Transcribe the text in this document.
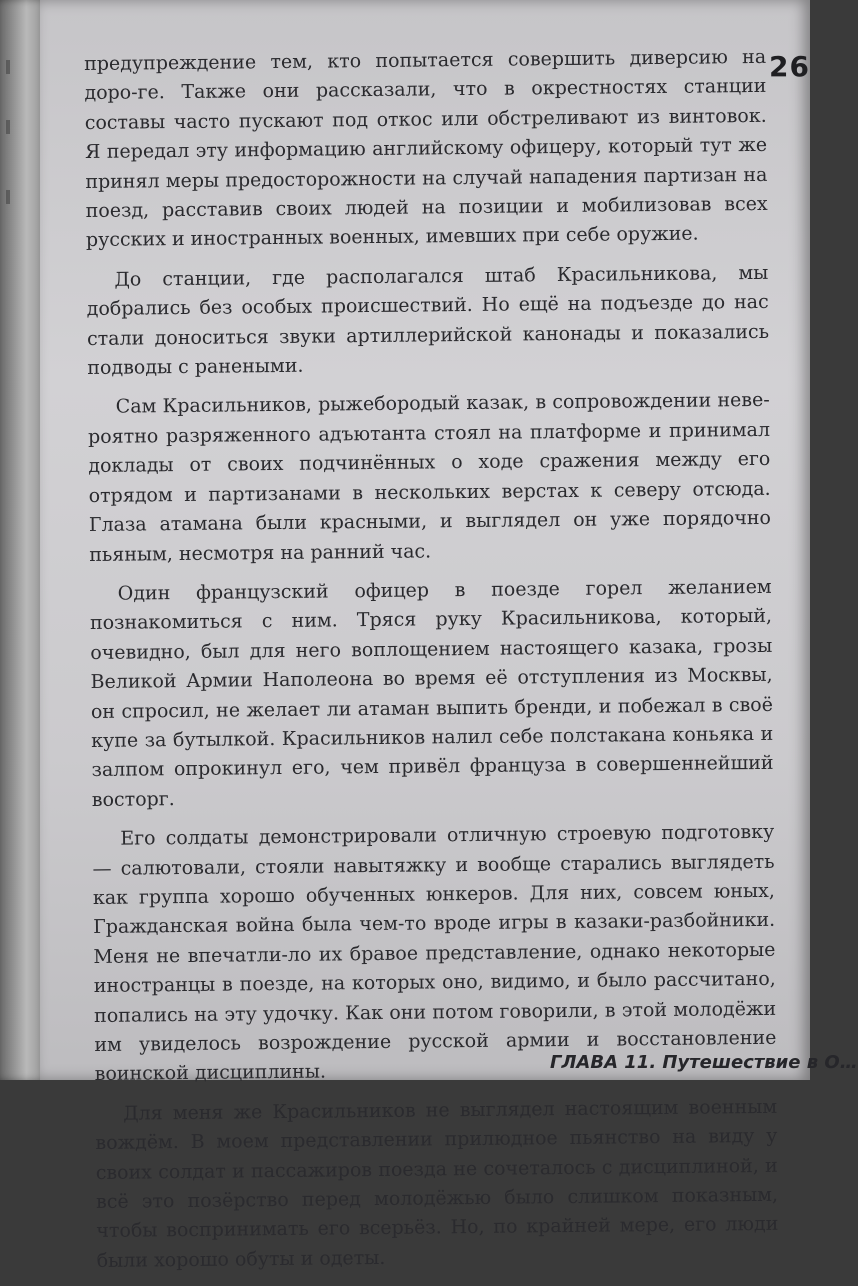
26

предупреждение тем, кто попытается совершить диверсию на доро-ге. Также они рассказали, что в окрестностях станции составы часто пускают под откос или обстреливают из винтовок. Я передал эту информацию английскому офицеру, который тут же принял меры предосторожности на случай нападения партизан на поезд, расставив своих людей на позиции и мобилизовав всех русских и иностранных военных, имевших при себе оружие.

До станции, где располагался штаб Красильникова, мы добрались без особых происшествий. Но ещё на подъезде до нас стали доноситься звуки артиллерийской канонады и показались подводы с ранеными.

Сам Красильников, рыжебородый казак, в сопровождении неве-роятно разряженного адъютанта стоял на платформе и принимал доклады от своих подчинённых о ходе сражения между его отрядом и партизанами в нескольких верстах к северу отсюда. Глаза атамана были красными, и выглядел он уже порядочно пьяным, несмотря на ранний час.

Один французский офицер в поезде горел желанием познакомиться с ним. Тряся руку Красильникова, который, очевидно, был для него воплощением настоящего казака, грозы Великой Армии Наполеона во время её отступления из Москвы, он спросил, не желает ли атаман выпить бренди, и побежал в своё купе за бутылкой. Красильников налил себе полстакана коньяка и залпом опрокинул его, чем привёл француза в совершеннейший восторг.

Его солдаты демонстрировали отличную строевую подготовку — салютовали, стояли навытяжку и вообще старались выглядеть как группа хорошо обученных юнкеров. Для них, совсем юных, Гражданская война была чем-то вроде игры в казаки-разбойники. Меня не впечатли-ло их бравое представление, однако некоторые иностранцы в поезде, на которых оно, видимо, и было рассчитано, попались на эту удочку. Как они потом говорили, в этой молодёжи им увиделось возрождение русской армии и восстановление воинской дисциплины.

Для меня же Красильников не выглядел настоящим военным вождём. В моем представлении прилюдное пьянство на виду у своих солдат и пассажиров поезда не сочеталось с дисциплиной, и всё это позёрство перед молодёжью было слишком показным, чтобы воспринимать его всерьёз. Но, по крайней мере, его люди были хорошо обуты и одеты.

ГЛАВА 11. Путешествие в О…
